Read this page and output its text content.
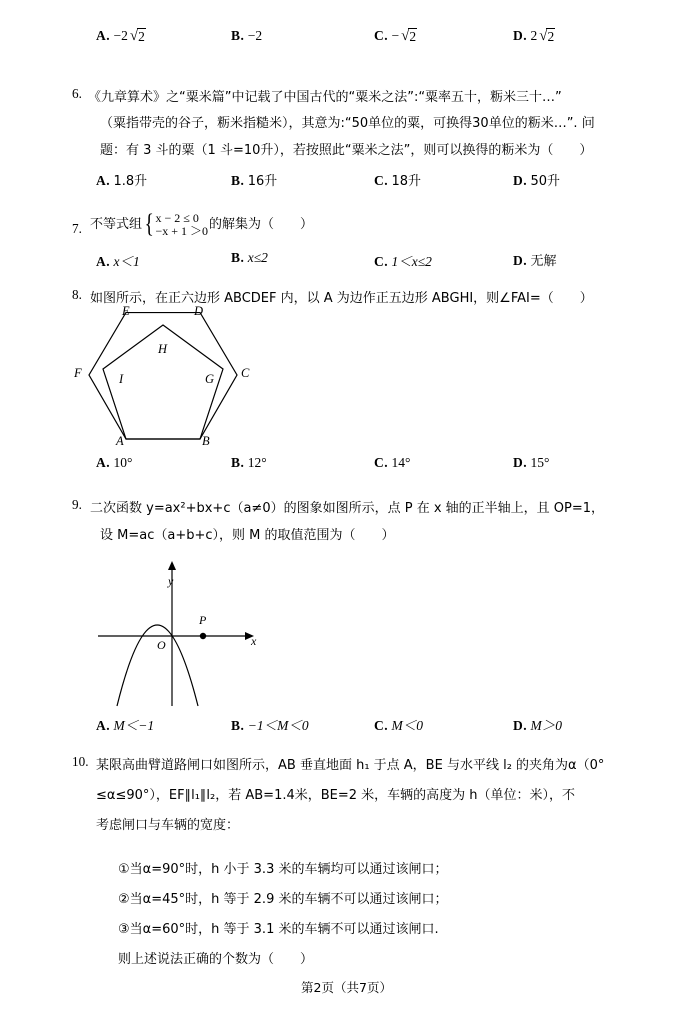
A. −2 √2	B. −2	C. − √2	D. 2 √2
6. 《九章算术》之“粟米篇”中记载了中国古代的“粟米之法”:“粟率五十，粝米三十…”
（粟指带壳的谷子，粝米指糙米），其意为:“50单位的粟，可换得30单位的粝米…”. 问
题：有 3 斗的粟（1 斗=10升），若按照此“粟米之法”，则可以换得的粝米为（　　）
A. 1.8升	B. 16升	C. 18升	D. 50升
7. 不等式组{ x − 2 ≤ 0
−x + 1 ＞0 的解集为（　　）
A. x＜1	B. x≤2	C. 1＜x≤2	D. 无解
8. 如图所示，在正六边形 ABCDEF 内，以 A 为边作正五边形 ABGHI，则∠FAI=（　　）
A	B
C
D
E
F	G
H
I
A. 10°	B. 12°	C. 14°	D. 15°
9. 二次函数 y=ax²+bx+c（a≠0）的图象如图所示，点 P 在 x 轴的正半轴上，且 OP=1，
设 M=ac（a+b+c），则 M 的取值范围为（　　）
y
x
O
P
A. M＜−1	B. −1＜M＜0	C. M＜0	D. M＞0
10. 某限高曲臂道路闸口如图所示，AB 垂直地面 h₁ 于点 A，BE 与水平线 l₂ 的夹角为α（0°
≤α≤90°），EF∥l₁∥l₂，若 AB=1.4米，BE=2 米，车辆的高度为 h（单位：米），不
考虑闸口与车辆的宽度：
①当α=90°时，h 小于 3.3 米的车辆均可以通过该闸口；
②当α=45°时，h 等于 2.9 米的车辆不可以通过该闸口；
③当α=60°时，h 等于 3.1 米的车辆不可以通过该闸口.
则上述说法正确的个数为（　　）
第2页（共7页）
